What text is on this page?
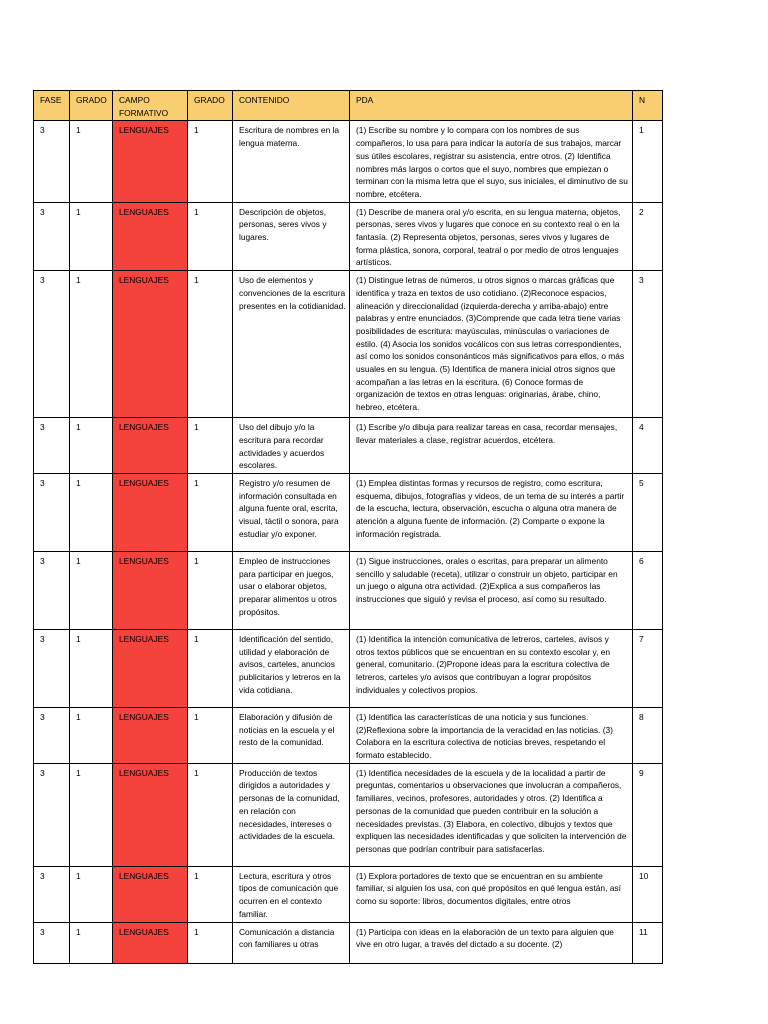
FASE	GRADO	CAMPO FORMATIVO	GRADO	CONTENIDO	PDA	N

3	1	LENGUAJES	1	Escritura de nombres en la lengua materna.	(1) Escribe su nombre y lo compara con los nombres de sus compañeros, lo usa para para indicar la autoría de sus trabajos, marcar sus útiles escolares, registrar su asistencia, entre otros. (2) Identifica nombres más largos o cortos que el suyo, nombres que empiezan o terminan con la misma letra que el suyo, sus iniciales, el diminutivo de su nombre, etcétera.	1

3	1	LENGUAJES	1	Descripción de objetos, personas, seres vivos y lugares.	(1) Describe de manera oral y/o escrita, en su lengua materna, objetos, personas, seres vivos y lugares que conoce en su contexto real o en la fantasía. (2) Representa objetos, personas, seres vivos y lugares de forma plástica, sonora, corporal, teatral o por medio de otros lenguajes artísticos.	2

3	1	LENGUAJES	1	Uso de elementos y convenciones de la escritura presentes en la cotidianidad.	(1) Distingue letras de números, u otros signos o marcas gráficas que identifica y traza en textos de uso cotidiano. (2)Reconoce espacios, alineación y direccionalidad (izquierda-derecha y arriba-abajo) entre palabras y entre enunciados. (3)Comprende que cada letra tiene varias posibilidades de escritura: mayúsculas, minúsculas o variaciones de estilo. (4) Asocia los sonidos vocálicos con sus letras correspondientes, así como los sonidos consonánticos más significativos para ellos, o más usuales en su lengua. (5) Identifica de manera inicial otros signos que acompañan a las letras en la escritura. (6) Conoce formas de organización de textos en otras lenguas: originarias, árabe, chino, hebreo, etcétera.	3

3	1	LENGUAJES	1	Uso del dibujo y/o la escritura para recordar actividades y acuerdos escolares.	(1) Escribe y/o dibuja para realizar tareas en casa, recordar mensajes, llevar materiales a clase, registrar acuerdos, etcétera.	4

3	1	LENGUAJES	1	Registro y/o resumen de información consultada en alguna fuente oral, escrita, visual, táctil o sonora, para estudiar y/o exponer.	(1) Emplea distintas formas y recursos de registro, como escritura, esquema, dibujos, fotografías y videos, de un tema de su interés a partir de la escucha, lectura, observación, escucha o alguna otra manera de atención a alguna fuente de información. (2) Comparte o expone la información registrada.	5

3	1	LENGUAJES	1	Empleo de instrucciones para participar en juegos, usar o elaborar objetos, preparar alimentos u otros propósitos.	(1) Sigue instrucciones, orales o escritas, para preparar un alimento sencillo y saludable (receta), utilizar o construir un objeto, participar en un juego o alguna otra actividad. (2)Explica a sus compañeros las instrucciones que siguió y revisa el proceso, así como su resultado.	6

3	1	LENGUAJES	1	Identificación del sentido, utilidad y elaboración de avisos, carteles, anuncios publicitarios y letreros en la vida cotidiana.	(1) Identifica la intención comunicativa de letreros, carteles, avisos y otros textos públicos que se encuentran en su contexto escolar y, en general, comunitario. (2)Propone ideas para la escritura colectiva de letreros, carteles y/o avisos que contribuyan a lograr propósitos individuales y colectivos propios.	7

3	1	LENGUAJES	1	Elaboración y difusión de noticias en la escuela y el resto de la comunidad.	(1) Identifica las características de una noticia y sus funciones. (2)Reflexiona sobre la importancia de la veracidad en las noticias. (3) Colabora en la escritura colectiva de noticias breves, respetando el formato establecido.	8

3	1	LENGUAJES	1	Producción de textos dirigidos a autoridades y personas de la comunidad, en relación con necesidades, intereses o actividades de la escuela.	(1) Identifica necesidades de la escuela y de la localidad a partir de preguntas, comentarios u observaciones que involucran a compañeros, familiares, vecinos, profesores, autoridades y otros. (2) Identifica a personas de la comunidad que pueden contribuir en la solución a necesidades previstas. (3) Elabora, en colectivo, dibujos y textos que expliquen las necesidades identificadas y que soliciten la intervención de personas que podrían contribuir para satisfacerlas.	9

3	1	LENGUAJES	1	Lectura, escritura y otros tipos de comunicación que ocurren en el contexto familiar.	(1) Explora portadores de texto que se encuentran en su ambiente familiar, si alguien los usa, con qué propósitos en qué lengua están, así como su soporte: libros, documentos digitales, entre otros	10

3	1	LENGUAJES	1	Comunicación a distancia con familiares u otras	(1) Participa con ideas en la elaboración de un texto para alguien que vive en otro lugar, a través del dictado a su docente. (2)	11
